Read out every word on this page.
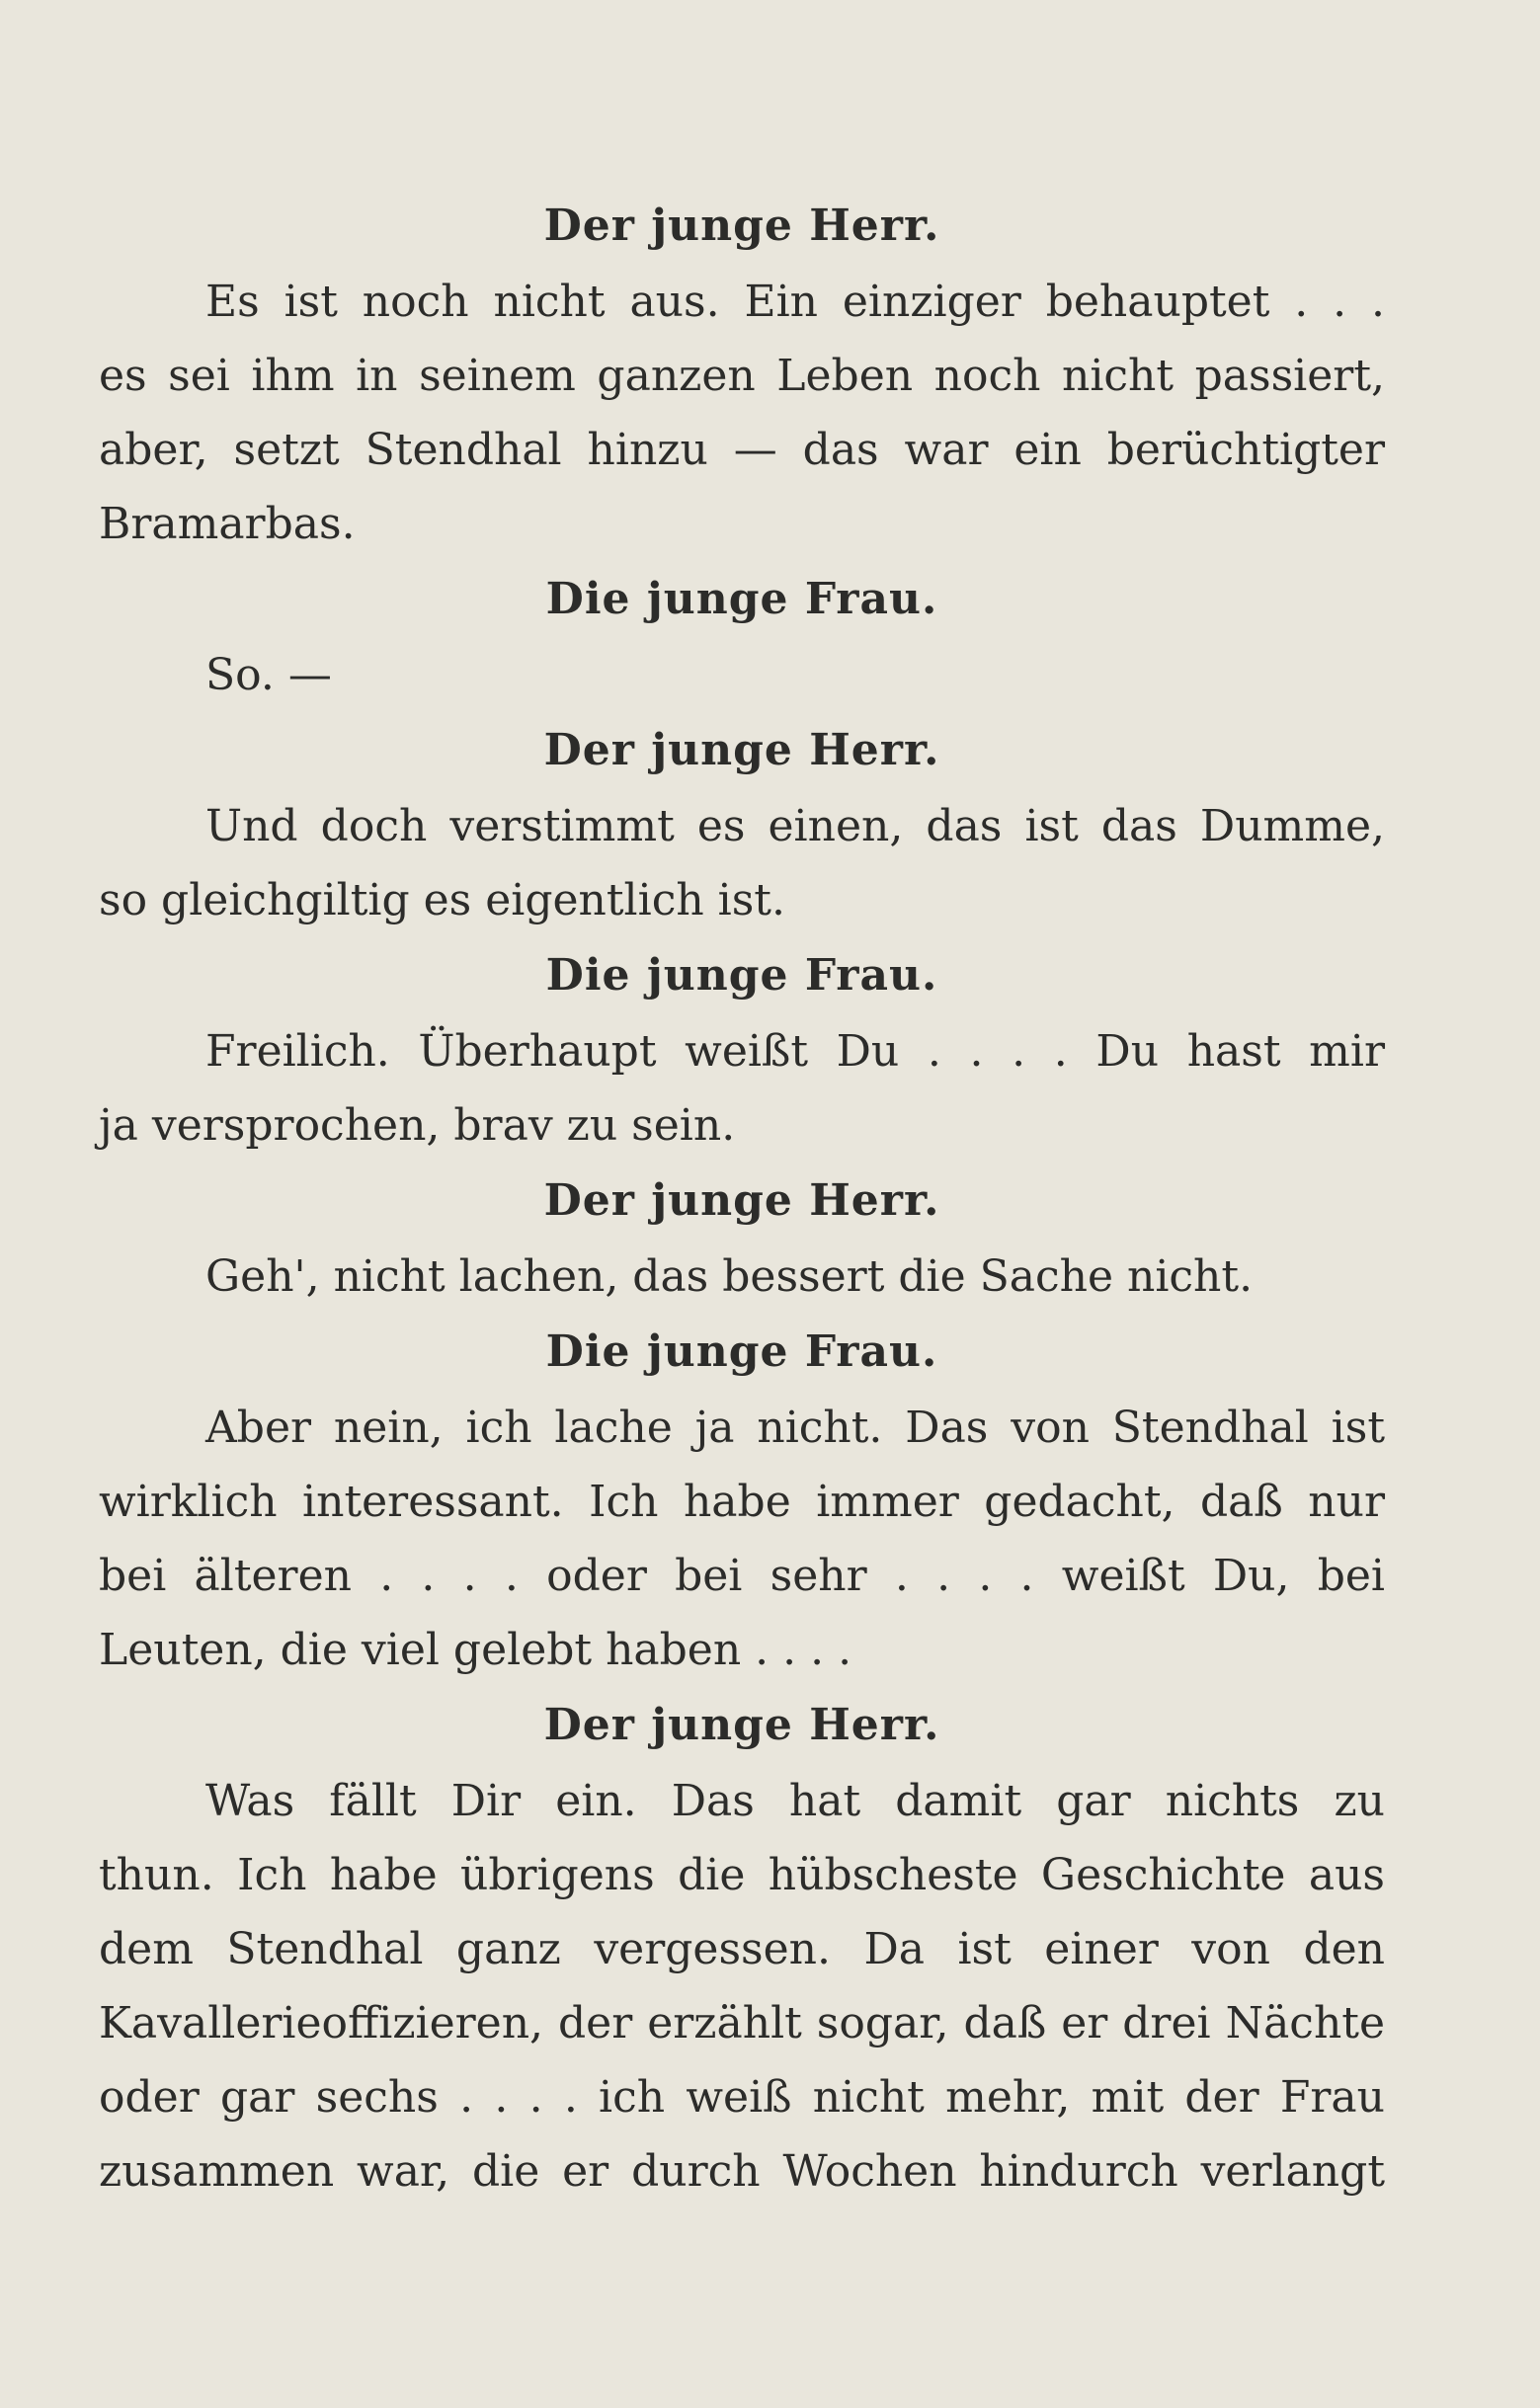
Der junge Herr.
Es ist noch nicht aus. Ein einziger behauptet . . .
es sei ihm in seinem ganzen Leben noch nicht passiert,
aber, setzt Stendhal hinzu — das war ein berüchtigter
Bramarbas.
Die junge Frau.
So. —
Der junge Herr.
Und doch verstimmt es einen, das ist das Dumme,
so gleichgiltig es eigentlich ist.
Die junge Frau.
Freilich. Überhaupt weißt Du . . . . Du hast mir
ja versprochen, brav zu sein.
Der junge Herr.
Geh', nicht lachen, das bessert die Sache nicht.
Die junge Frau.
Aber nein, ich lache ja nicht. Das von Stendhal ist
wirklich interessant. Ich habe immer gedacht, daß nur
bei älteren . . . . oder bei sehr . . . . weißt Du, bei
Leuten, die viel gelebt haben . . . .
Der junge Herr.
Was fällt Dir ein. Das hat damit gar nichts zu
thun. Ich habe übrigens die hübscheste Geschichte aus
dem Stendhal ganz vergessen. Da ist einer von den
Kavallerieoffizieren, der erzählt sogar, daß er drei Nächte
oder gar sechs . . . . ich weiß nicht mehr, mit der Frau
zusammen war, die er durch Wochen hindurch verlangt
